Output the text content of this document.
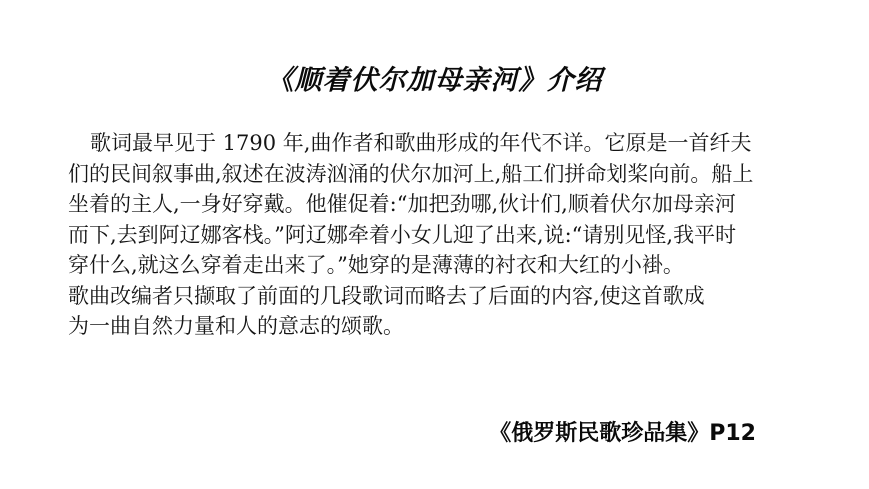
《顺着伏尔加母亲河》介绍
歌词最早见于 1790 年,曲作者和歌曲形成的年代不详。它原是一首纤夫
们的民间叙事曲,叙述在波涛汹涌的伏尔加河上,船工们拼命划桨向前。船上
坐着的主人,一身好穿戴。他催促着:“加把劲哪,伙计们,顺着伏尔加母亲河
而下,去到阿辽娜客栈。”阿辽娜牵着小女儿迎了出来,说:“请别见怪,我平时
穿什么,就这么穿着走出来了。”她穿的是薄薄的衬衣和大红的小褂。
歌曲改编者只撷取了前面的几段歌词而略去了后面的内容,使这首歌成
为一曲自然力量和人的意志的颂歌。
《俄罗斯民歌珍品集》P12
